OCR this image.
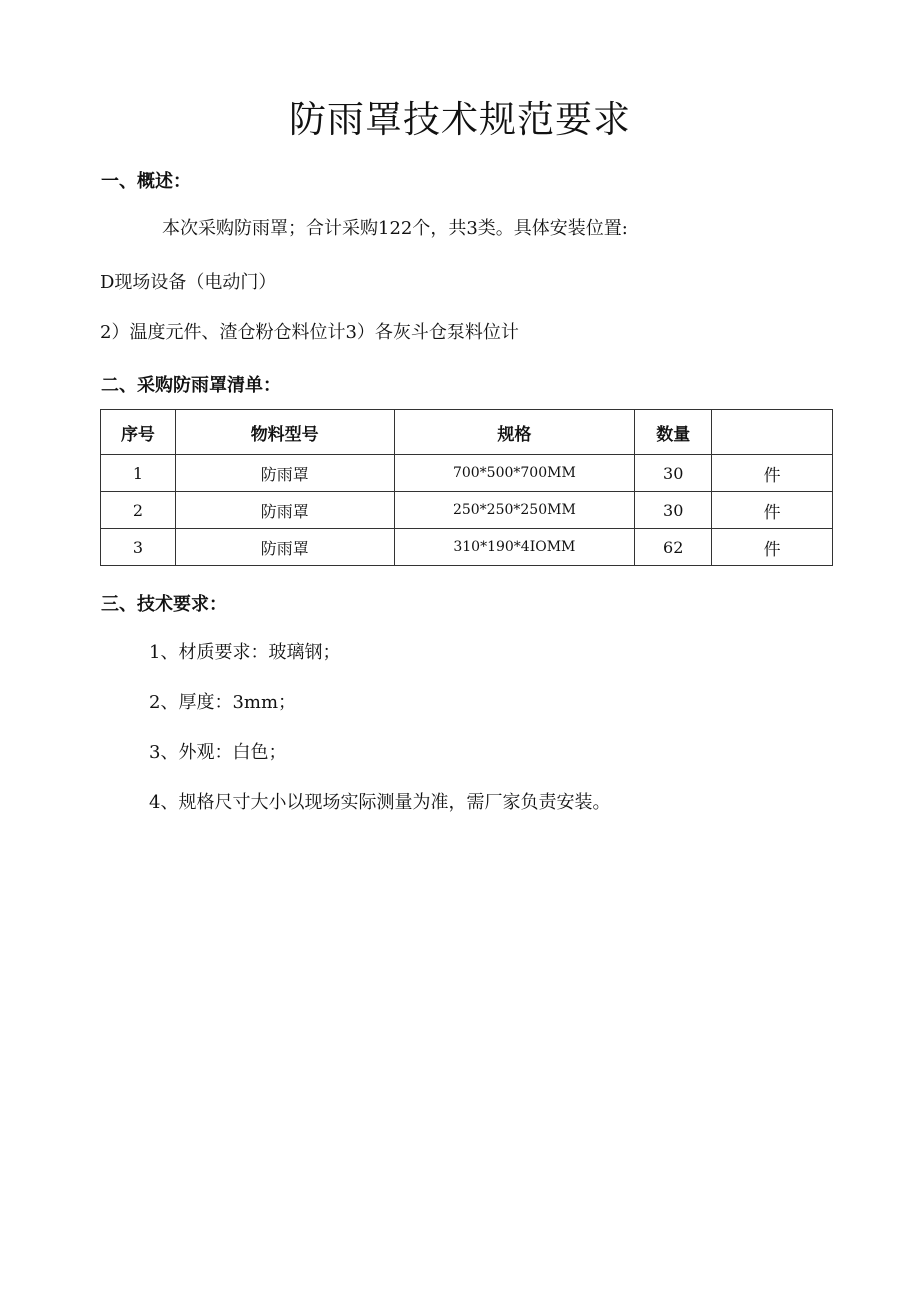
防雨罩技术规范要求
一、概述：
本次采购防雨罩；合计采购122个，共3类。具体安装位置:
D现场设备（电动门）
2）温度元件、渣仓粉仓料位计3）各灰斗仓泵料位计
二、采购防雨罩清单：
序号	物料型号	规格	数量	
1	防雨罩	700*500*700MM	30	件
2	防雨罩	250*250*250MM	30	件
3	防雨罩	310*190*4IOMM	62	件
三、技术要求：
1、材质要求：玻璃钢；
2、厚度：3mm；
3、外观：白色；
4、规格尺寸大小以现场实际测量为准，需厂家负责安装。
